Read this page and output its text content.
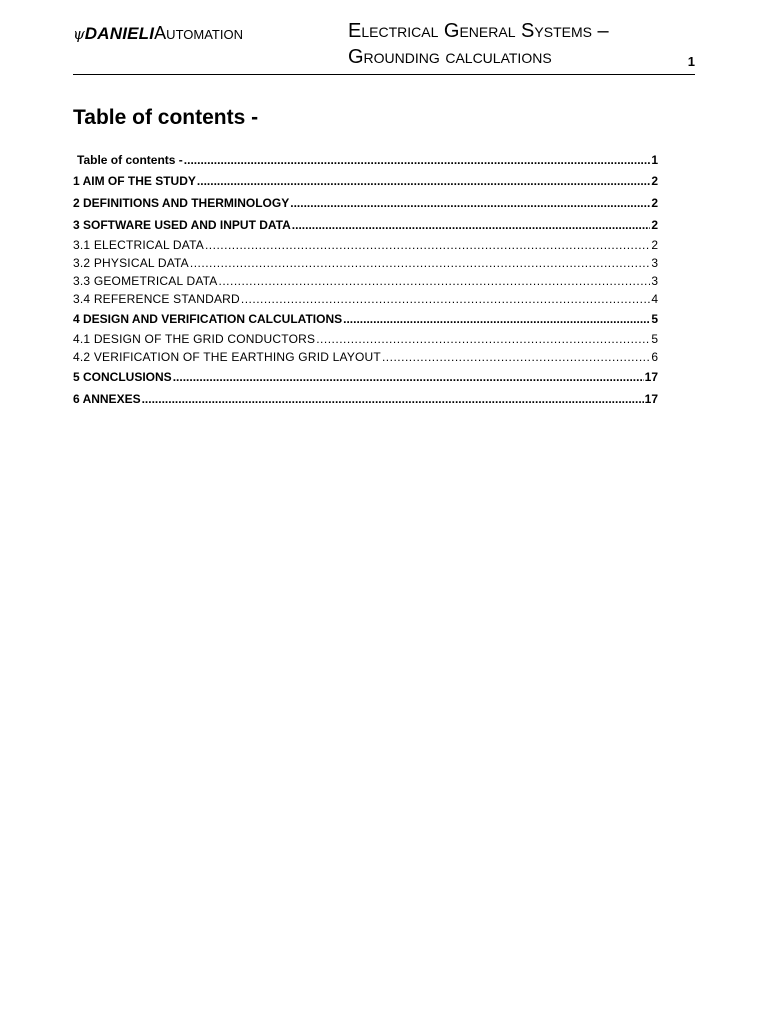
ψDANIELIAutomation	Electrical General Systems –
Grounding calculations	1
Table of contents -
Table of contents - .....	1
1 AIM OF THE STUDY .....	2
2 DEFINITIONS AND THERMINOLOGY .....	2
3 SOFTWARE USED AND INPUT DATA .....	2
3.1 ELECTRICAL DATA .....	2
3.2 PHYSICAL DATA .....	3
3.3 GEOMETRICAL DATA .....	3
3.4 REFERENCE STANDARD .....	4
4 DESIGN AND VERIFICATION CALCULATIONS .....	5
4.1 DESIGN OF THE GRID CONDUCTORS .....	5
4.2 VERIFICATION OF THE EARTHING GRID LAYOUT .....	6
5 CONCLUSIONS .....	17
6 ANNEXES .....	17
